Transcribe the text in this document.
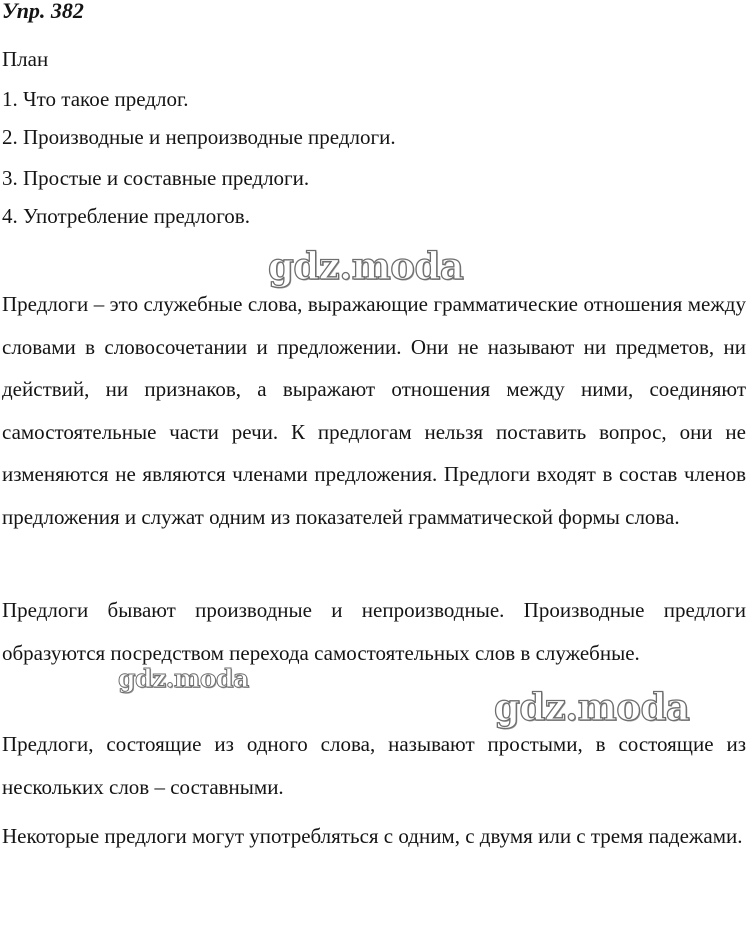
Упр. 382

План

1. Что такое предлог.

2. Производные и непроизводные предлоги.

3. Простые и составные предлоги.

4. Употребление предлогов.

Предлоги – это служебные слова, выражающие грамматические отношения между словами в словосочетании и предложении. Они не называют ни предметов, ни действий, ни признаков, а выражают отношения между ними, соединяют самостоятельные части речи. К предлогам нельзя поставить вопрос, они не изменяются не являются членами предложения. Предлоги входят в состав членов предложения и служат одним из показателей грамматической формы слова.

Предлоги бывают производные и непроизводные. Производные предлоги образуются посредством перехода самостоятельных слов в служебные.

Предлоги, состоящие из одного слова, называют простыми, в состоящие из нескольких слов – составными.

Некоторые предлоги могут употребляться с одним, с двумя или с тремя падежами.

gdz.moda
gdz.moda
gdz.moda
